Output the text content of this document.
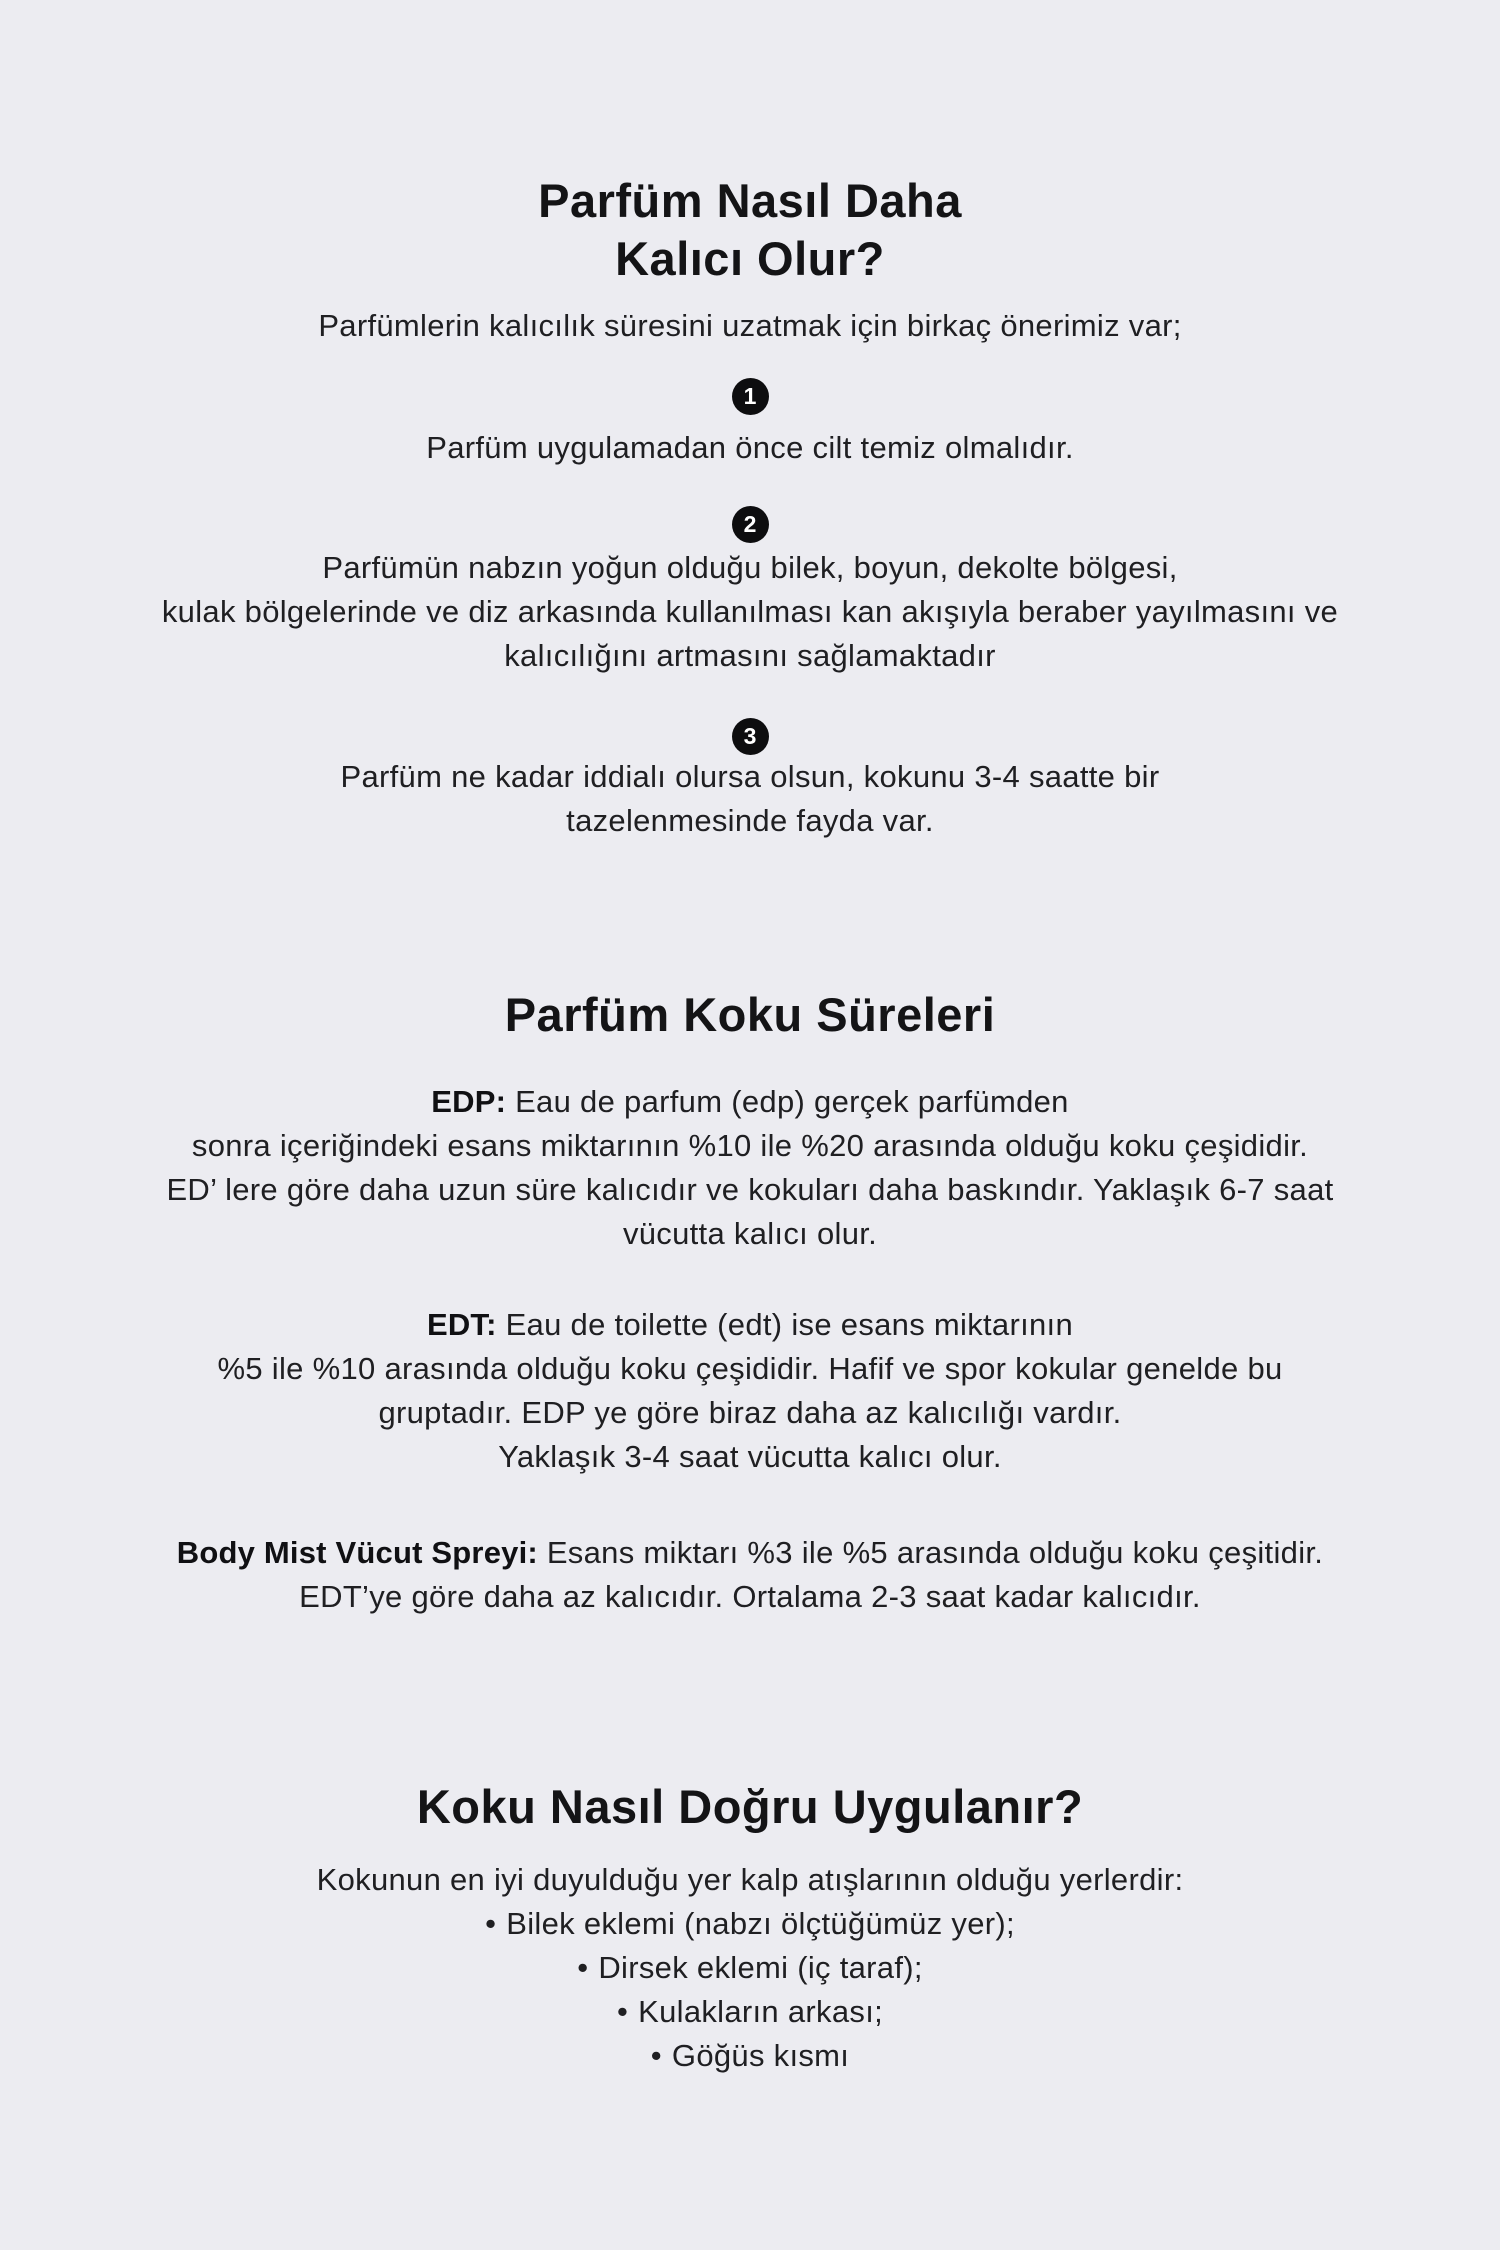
Parfüm Nasıl Daha
Kalıcı Olur?
Parfümlerin kalıcılık süresini uzatmak için birkaç önerimiz var;
1
Parfüm uygulamadan önce cilt temiz olmalıdır.
2
Parfümün nabzın yoğun olduğu bilek, boyun, dekolte bölgesi,
kulak bölgelerinde ve diz arkasında kullanılması kan akışıyla beraber yayılmasını ve
kalıcılığını artmasını sağlamaktadır
3
Parfüm ne kadar iddialı olursa olsun, kokunu 3-4 saatte bir
tazelenmesinde fayda var.
Parfüm Koku Süreleri
EDP: Eau de parfum (edp) gerçek parfümden
sonra içeriğindeki esans miktarının %10 ile %20 arasında olduğu koku çeşididir.
ED’ lere göre daha uzun süre kalıcıdır ve kokuları daha baskındır. Yaklaşık 6-7 saat
vücutta kalıcı olur.
EDT: Eau de toilette (edt) ise esans miktarının
%5 ile %10 arasında olduğu koku çeşididir. Hafif ve spor kokular genelde bu
gruptadır. EDP ye göre biraz daha az kalıcılığı vardır.
Yaklaşık 3-4 saat vücutta kalıcı olur.
Body Mist Vücut Spreyi: Esans miktarı %3 ile %5 arasında olduğu koku çeşitidir.
EDT’ye göre daha az kalıcıdır. Ortalama 2-3 saat kadar kalıcıdır.
Koku Nasıl Doğru Uygulanır?
Kokunun en iyi duyulduğu yer kalp atışlarının olduğu yerlerdir:
• Bilek eklemi (nabzı ölçtüğümüz yer);
• Dirsek eklemi (iç taraf);
• Kulakların arkası;
• Göğüs kısmı
